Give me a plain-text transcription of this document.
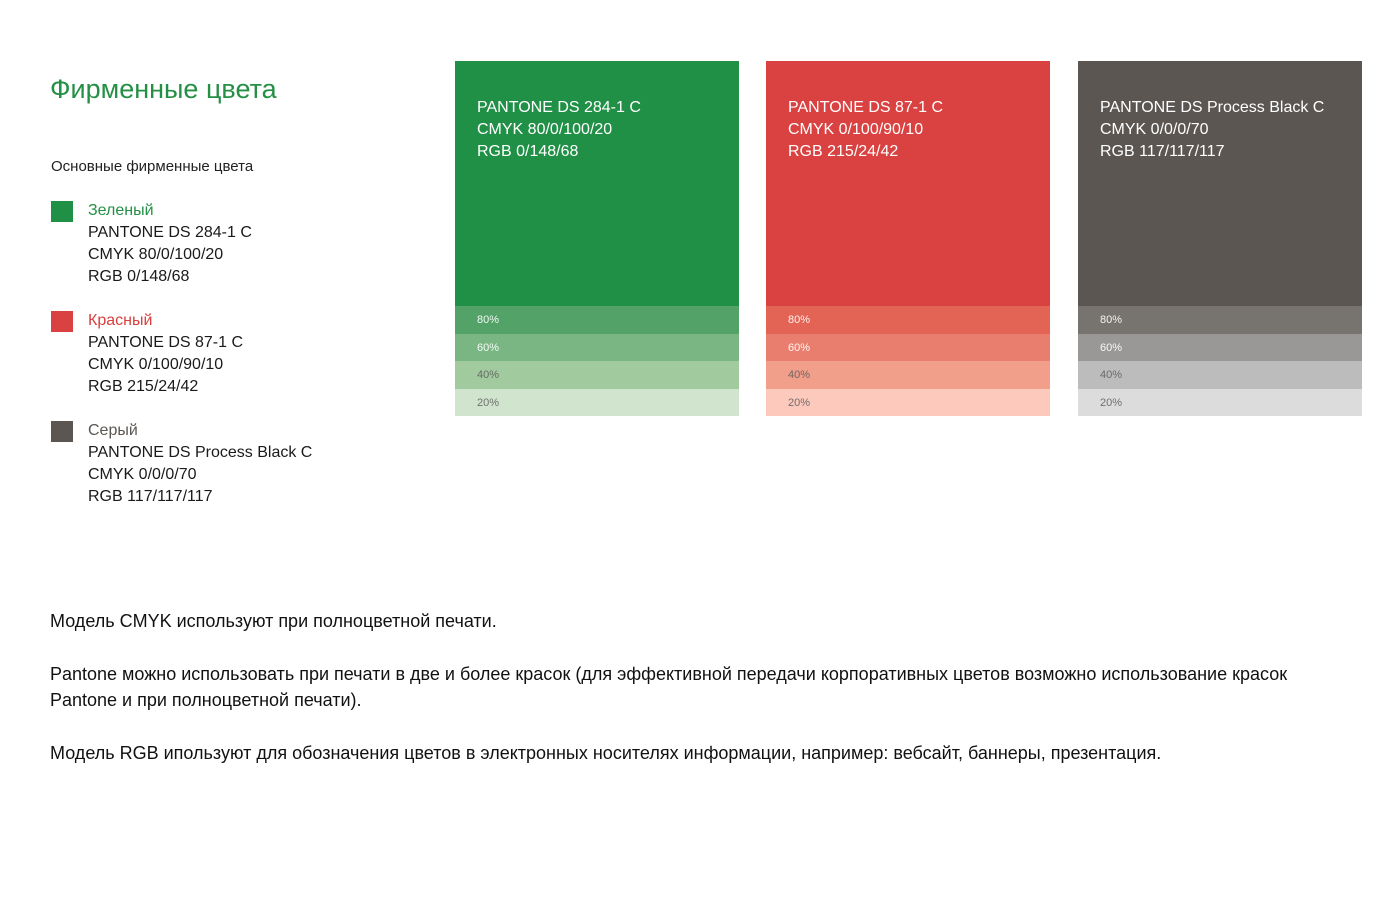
Фирменные цвета
Основные фирменные цвета
Зеленый
PANTONE DS 284-1 C
CMYK 80/0/100/20
RGB 0/148/68
Красный
PANTONE DS 87-1 C
CMYK 0/100/90/10
RGB 215/24/42
Серый
PANTONE DS Process Black C
CMYK 0/0/0/70
RGB 117/117/117
PANTONE DS 284-1 C
CMYK 80/0/100/20
RGB 0/148/68
80%
60%
40%
20%
PANTONE DS 87-1 C
CMYK 0/100/90/10
RGB 215/24/42
80%
60%
40%
20%
PANTONE DS Process Black C
CMYK 0/0/0/70
RGB 117/117/117
80%
60%
40%
20%

Модель CMYK используют при полноцветной печати.

Pantone можно использовать при печати в две и более красок (для эффективной передачи корпоративных цветов возможно использование красок Pantone и при полноцветной печати).

Модель RGB ипользуют для обозначения цветов в электронных носителях информации, например: вебсайт, баннеры, презентация.
